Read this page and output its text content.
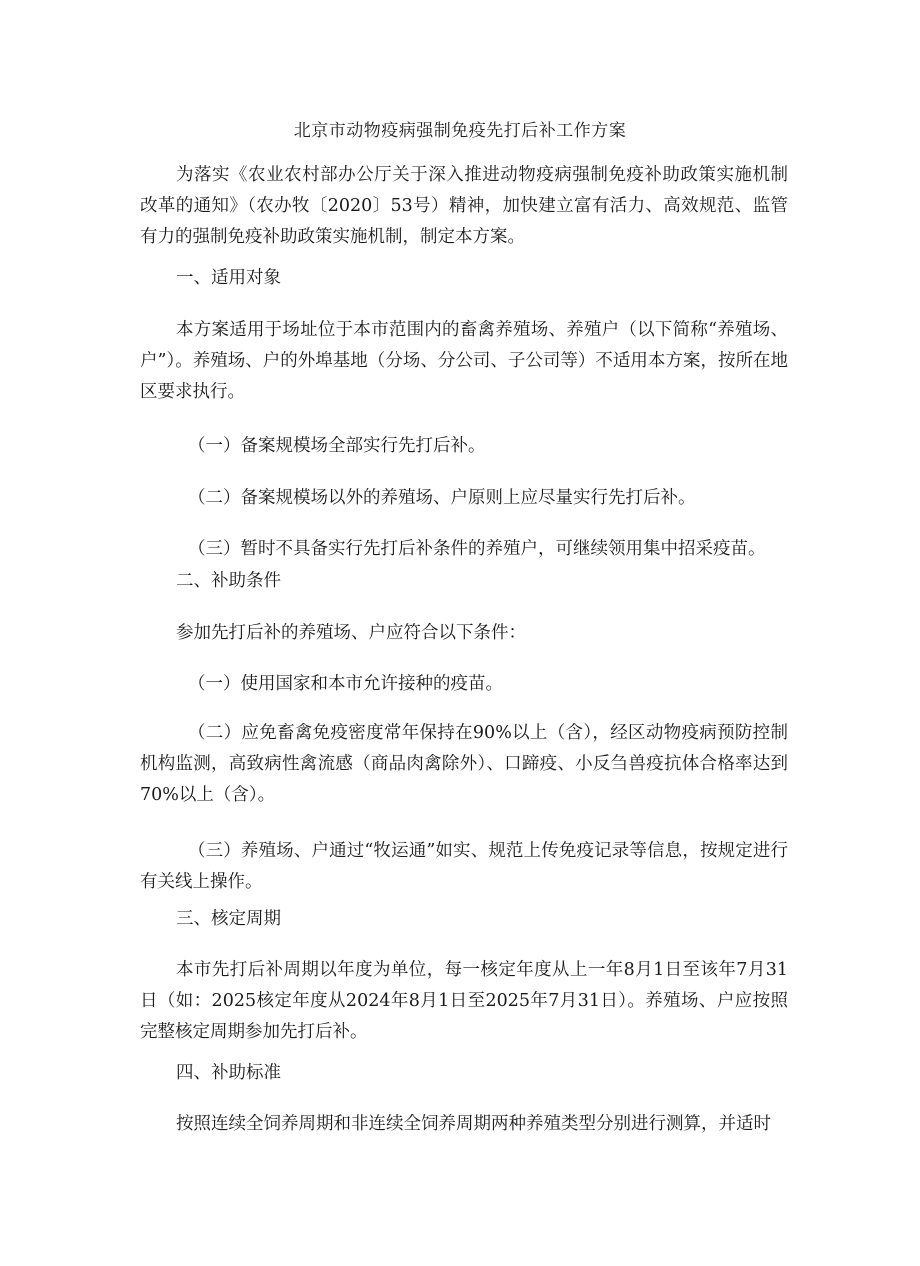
北京市动物疫病强制免疫先打后补工作方案

为落实《农业农村部办公厅关于深入推进动物疫病强制免疫补助政策实施机制改革的通知》（农办牧〔2020〕53号）精神，加快建立富有活力、高效规范、监管有力的强制免疫补助政策实施机制，制定本方案。

一、适用对象

本方案适用于场址位于本市范围内的畜禽养殖场、养殖户（以下简称“养殖场、户”）。养殖场、户的外埠基地（分场、分公司、子公司等）不适用本方案，按所在地区要求执行。

（一）备案规模场全部实行先打后补。

（二）备案规模场以外的养殖场、户原则上应尽量实行先打后补。

（三）暂时不具备实行先打后补条件的养殖户，可继续领用集中招采疫苗。

二、补助条件

参加先打后补的养殖场、户应符合以下条件：

（一）使用国家和本市允许接种的疫苗。

（二）应免畜禽免疫密度常年保持在90%以上（含），经区动物疫病预防控制机构监测，高致病性禽流感（商品肉禽除外）、口蹄疫、小反刍兽疫抗体合格率达到70%以上（含）。

（三）养殖场、户通过“牧运通”如实、规范上传免疫记录等信息，按规定进行有关线上操作。

三、核定周期

本市先打后补周期以年度为单位，每一核定年度从上一年8月1日至该年7月31日（如：2025核定年度从2024年8月1日至2025年7月31日）。养殖场、户应按照完整核定周期参加先打后补。

四、补助标准

按照连续全饲养周期和非连续全饲养周期两种养殖类型分别进行测算，并适时
